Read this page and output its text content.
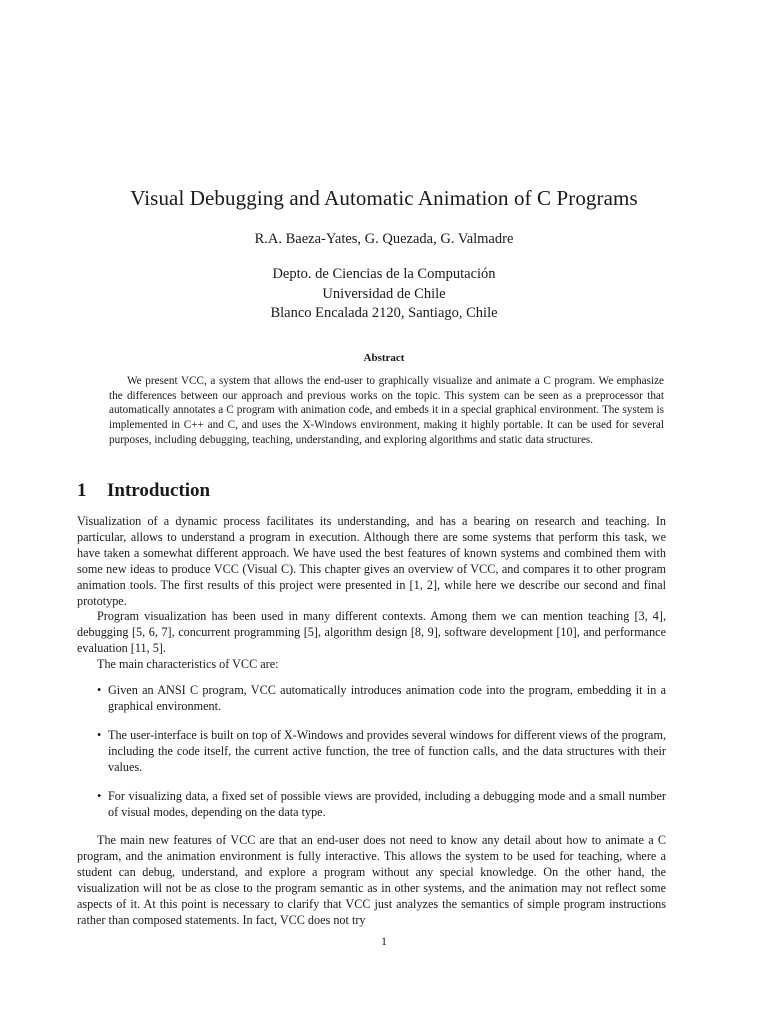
Visual Debugging and Automatic Animation of C Programs
R.A. Baeza-Yates, G. Quezada, G. Valmadre
Depto. de Ciencias de la Computación
Universidad de Chile
Blanco Encalada 2120, Santiago, Chile
Abstract

We present VCC, a system that allows the end-user to graphically visualize and animate a C program. We emphasize the differences between our approach and previous works on the topic. This system can be seen as a preprocessor that automatically annotates a C program with animation code, and embeds it in a special graphical environment. The system is implemented in C++ and C, and uses the X-Windows environment, making it highly portable. It can be used for several purposes, including debugging, teaching, understanding, and exploring algorithms and static data structures.

1 Introduction

Visualization of a dynamic process facilitates its understanding, and has a bearing on research and teaching. In particular, allows to understand a program in execution. Although there are some systems that perform this task, we have taken a somewhat different approach. We have used the best features of known systems and combined them with some new ideas to produce VCC (Visual C). This chapter gives an overview of VCC, and compares it to other program animation tools. The first results of this project were presented in [1, 2], while here we describe our second and final prototype.

Program visualization has been used in many different contexts. Among them we can mention teaching [3, 4], debugging [5, 6, 7], concurrent programming [5], algorithm design [8, 9], software development [10], and performance evaluation [11, 5].

The main characteristics of VCC are:

• Given an ANSI C program, VCC automatically introduces animation code into the program, embedding it in a graphical environment.
• The user-interface is built on top of X-Windows and provides several windows for different views of the program, including the code itself, the current active function, the tree of function calls, and the data structures with their values.
• For visualizing data, a fixed set of possible views are provided, including a debugging mode and a small number of visual modes, depending on the data type.

The main new features of VCC are that an end-user does not need to know any detail about how to animate a C program, and the animation environment is fully interactive. This allows the system to be used for teaching, where a student can debug, understand, and explore a program without any special knowledge. On the other hand, the visualization will not be as close to the program semantic as in other systems, and the animation may not reflect some aspects of it. At this point is necessary to clarify that VCC just analyzes the semantics of simple program instructions rather than composed statements. In fact, VCC does not try

1
